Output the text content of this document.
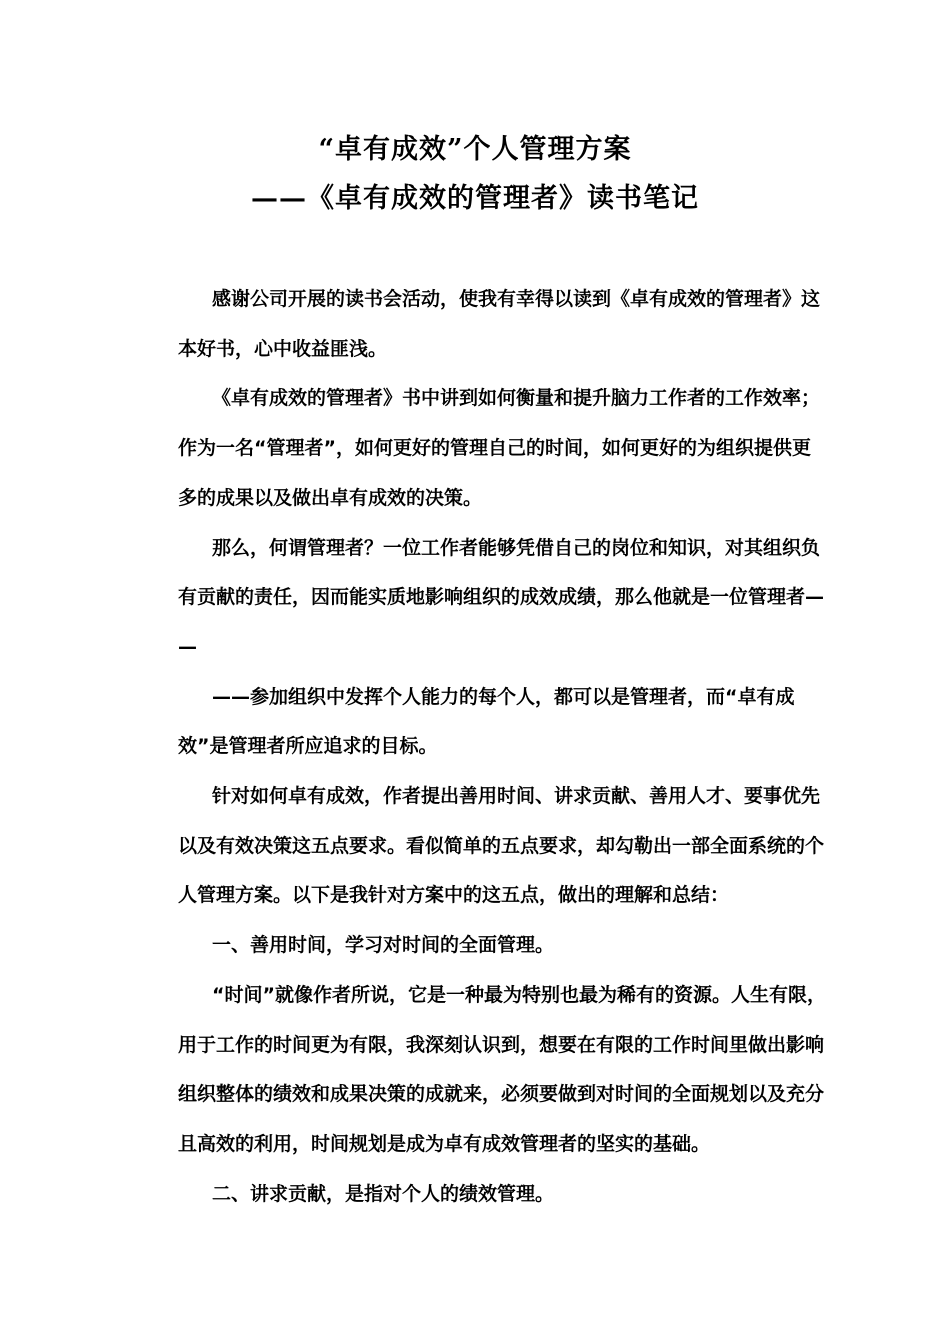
“卓有成效”个人管理方案
——《卓有成效的管理者》读书笔记
感谢公司开展的读书会活动，使我有幸得以读到《卓有成效的管理者》这
本好书，心中收益匪浅。
《卓有成效的管理者》书中讲到如何衡量和提升脑力工作者的工作效率；
作为一名“管理者”，如何更好的管理自己的时间，如何更好的为组织提供更
多的成果以及做出卓有成效的决策。
那么，何谓管理者？一位工作者能够凭借自己的岗位和知识，对其组织负
有贡献的责任，因而能实质地影响组织的成效成绩，那么他就是一位管理者—
—
——参加组织中发挥个人能力的每个人，都可以是管理者，而“卓有成
效”是管理者所应追求的目标。
针对如何卓有成效，作者提出善用时间、讲求贡献、善用人才、要事优先
以及有效决策这五点要求。看似简单的五点要求，却勾勒出一部全面系统的个
人管理方案。以下是我针对方案中的这五点，做出的理解和总结：
一、善用时间，学习对时间的全面管理。
“时间”就像作者所说，它是一种最为特别也最为稀有的资源。人生有限，
用于工作的时间更为有限，我深刻认识到，想要在有限的工作时间里做出影响
组织整体的绩效和成果决策的成就来，必须要做到对时间的全面规划以及充分
且高效的利用，时间规划是成为卓有成效管理者的坚实的基础。
二、讲求贡献，是指对个人的绩效管理。
